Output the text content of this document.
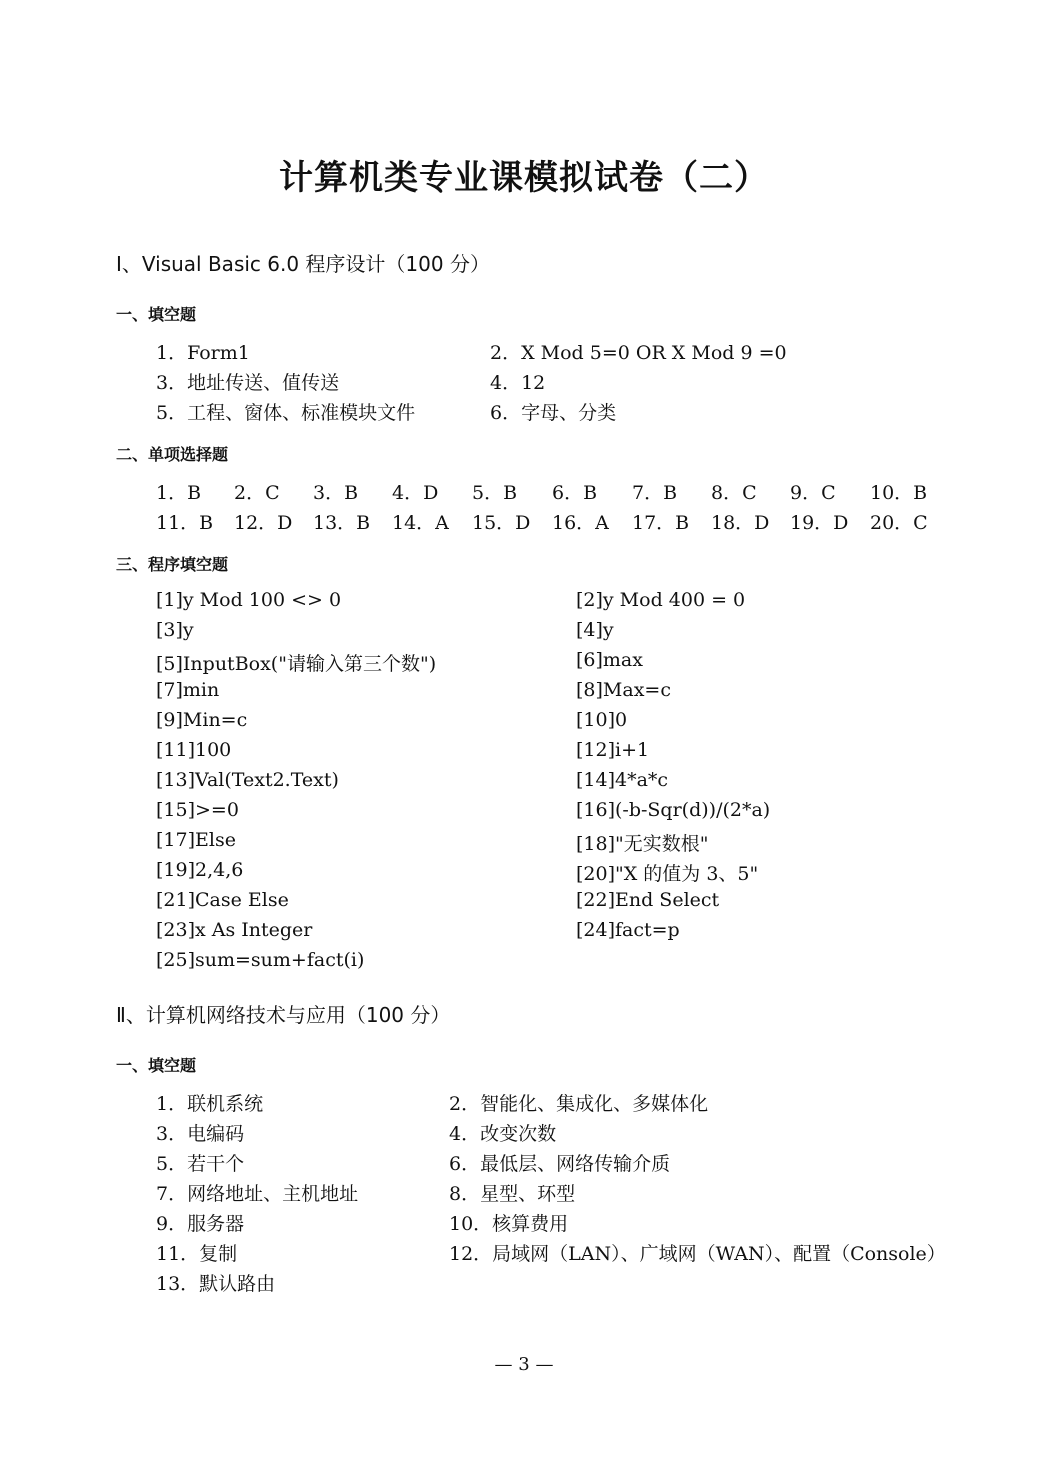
计算机类专业课模拟试卷（二）
Ⅰ、Visual Basic 6.0 程序设计（100 分）
一、填空题
1．Form1	2．X Mod 5=0 OR X Mod 9 =0
3．地址传送、值传送	4．12
5．工程、窗体、标准模块文件	6．字母、分类
二、单项选择题
1．B 2．C 3．B 4．D 5．B 6．B 7．B 8．C 9．C 10．B
11．B 12．D 13．B 14．A 15．D 16．A 17．B 18．D 19．D 20．C
三、程序填空题
[1]y Mod 100 <> 0	[2]y Mod 400 = 0
[3]y	[4]y
[5]InputBox("请输入第三个数")	[6]max
[7]min	[8]Max=c
[9]Min=c	[10]0
[11]100	[12]i+1
[13]Val(Text2.Text)	[14]4*a*c
[15]>=0	[16](-b-Sqr(d))/(2*a)
[17]Else	[18]"无实数根"
[19]2,4,6	[20]"X 的值为 3、5"
[21]Case Else	[22]End Select
[23]x As Integer	[24]fact=p
[25]sum=sum+fact(i)
Ⅱ、计算机网络技术与应用（100 分）
一、填空题
1．联机系统	2．智能化、集成化、多媒体化
3．电编码	4．改变次数
5．若干个	6．最低层、网络传输介质
7．网络地址、主机地址	8．星型、环型
9．服务器	10．核算费用
11．复制	12．局域网（LAN）、广域网（WAN）、配置（Console）
13．默认路由
— 3 —
